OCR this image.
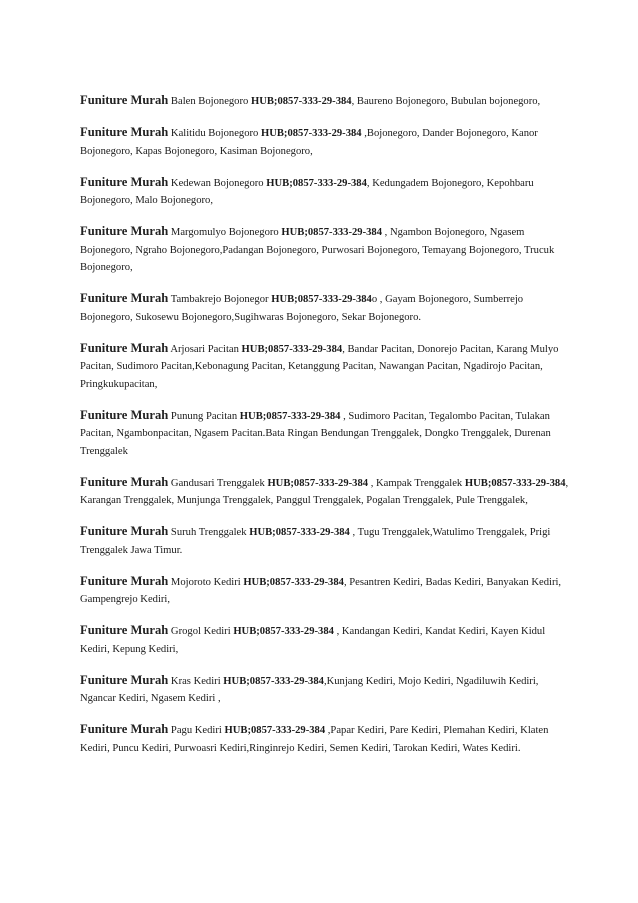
Funiture Murah Balen Bojonegoro HUB;0857-333-29-384, Baureno Bojonegoro, Bubulan bojonegoro,

Funiture Murah Kalitidu Bojonegoro HUB;0857-333-29-384 ,Bojonegoro, Dander Bojonegoro, Kanor Bojonegoro, Kapas Bojonegoro, Kasiman Bojonegoro,

Funiture Murah Kedewan Bojonegoro HUB;0857-333-29-384, Kedungadem Bojonegoro, Kepohbaru Bojonegoro, Malo Bojonegoro,

Funiture Murah Margomulyo Bojonegoro HUB;0857-333-29-384 , Ngambon Bojonegoro, Ngasem Bojonegoro, Ngraho Bojonegoro,Padangan Bojonegoro, Purwosari Bojonegoro, Temayang Bojonegoro, Trucuk Bojonegoro,

Funiture Murah Tambakrejo Bojonegor HUB;0857-333-29-384o , Gayam Bojonegoro, Sumberrejo Bojonegoro, Sukosewu Bojonegoro,Sugihwaras Bojonegoro, Sekar Bojonegoro.

Funiture Murah Arjosari Pacitan HUB;0857-333-29-384, Bandar Pacitan, Donorejo Pacitan, Karang Mulyo Pacitan, Sudimoro Pacitan,Kebonagung Pacitan, Ketanggung Pacitan, Nawangan Pacitan, Ngadirojo Pacitan, Pringkukupacitan,

Funiture Murah Punung Pacitan HUB;0857-333-29-384 , Sudimoro Pacitan, Tegalombo Pacitan, Tulakan Pacitan, Ngambonpacitan, Ngasem Pacitan.Bata Ringan Bendungan Trenggalek, Dongko Trenggalek, Durenan Trenggalek

Funiture Murah Gandusari Trenggalek HUB;0857-333-29-384 , Kampak Trenggalek HUB;0857-333-29-384, Karangan Trenggalek, Munjunga Trenggalek, Panggul Trenggalek, Pogalan Trenggalek, Pule Trenggalek,

Funiture Murah Suruh Trenggalek HUB;0857-333-29-384 , Tugu Trenggalek,Watulimo Trenggalek, Prigi Trenggalek Jawa Timur.

Funiture Murah Mojoroto Kediri HUB;0857-333-29-384, Pesantren Kediri, Badas Kediri, Banyakan Kediri, Gampengrejo Kediri,

Funiture Murah Grogol Kediri HUB;0857-333-29-384 , Kandangan Kediri, Kandat Kediri, Kayen Kidul Kediri, Kepung Kediri,

Funiture Murah Kras Kediri HUB;0857-333-29-384,Kunjang Kediri, Mojo Kediri, Ngadiluwih Kediri, Ngancar Kediri, Ngasem Kediri ,

Funiture Murah Pagu Kediri HUB;0857-333-29-384 ,Papar Kediri, Pare Kediri, Plemahan Kediri, Klaten Kediri, Puncu Kediri, Purwoasri Kediri,Ringinrejo Kediri, Semen Kediri, Tarokan Kediri, Wates Kediri.
